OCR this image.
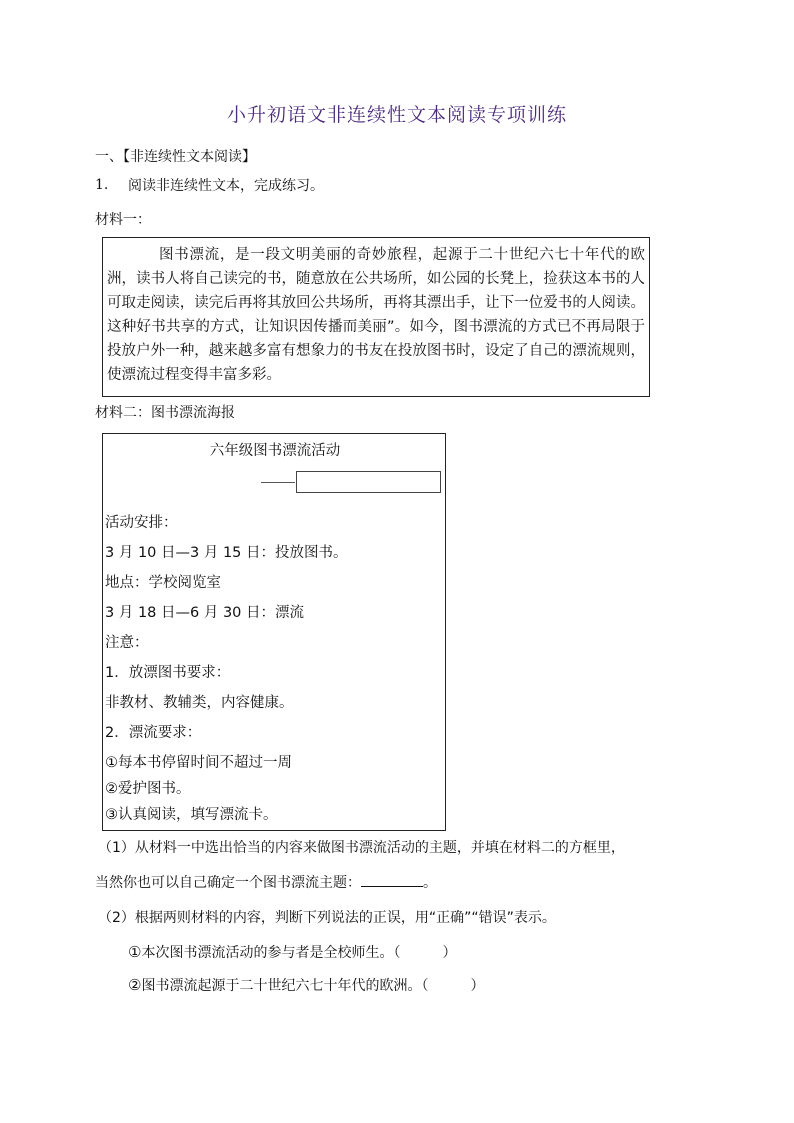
小升初语文非连续性文本阅读专项训练
一、【非连续性文本阅读】
1. 阅读非连续性文本，完成练习。
材料一：

图书漂流，是一段文明美丽的奇妙旅程，起源于二十世纪六七十年代的欧洲，读书人将自己读完的书，随意放在公共场所，如公园的长凳上，捡获这本书的人可取走阅读，读完后再将其放回公共场所，再将其漂出手，让下一位爱书的人阅读。这种好书共享的方式，让知识因传播而美丽”。如今，图书漂流的方式已不再局限于投放户外一种，越来越多富有想象力的书友在投放图书时，设定了自己的漂流规则，使漂流过程变得丰富多彩。

材料二：图书漂流海报
六年级图书漂流活动
活动安排：
3 月 10 日—3 月 15 日：投放图书。
地点：学校阅览室
3 月 18 日—6 月 30 日：漂流
注意：
1．放漂图书要求：
非教材、教辅类，内容健康。
2．漂流要求：
①每本书停留时间不超过一周
②爱护图书。
③认真阅读，填写漂流卡。
（1）从材料一中选出恰当的内容来做图书漂流活动的主题，并填在材料二的方框里，
当然你也可以自己确定一个图书漂流主题：	。
（2）根据两则材料的内容，判断下列说法的正误，用“正确”“错误”表示。
①本次图书漂流活动的参与者是全校师生。（　　　）
②图书漂流起源于二十世纪六七十年代的欧洲。（　　　）
